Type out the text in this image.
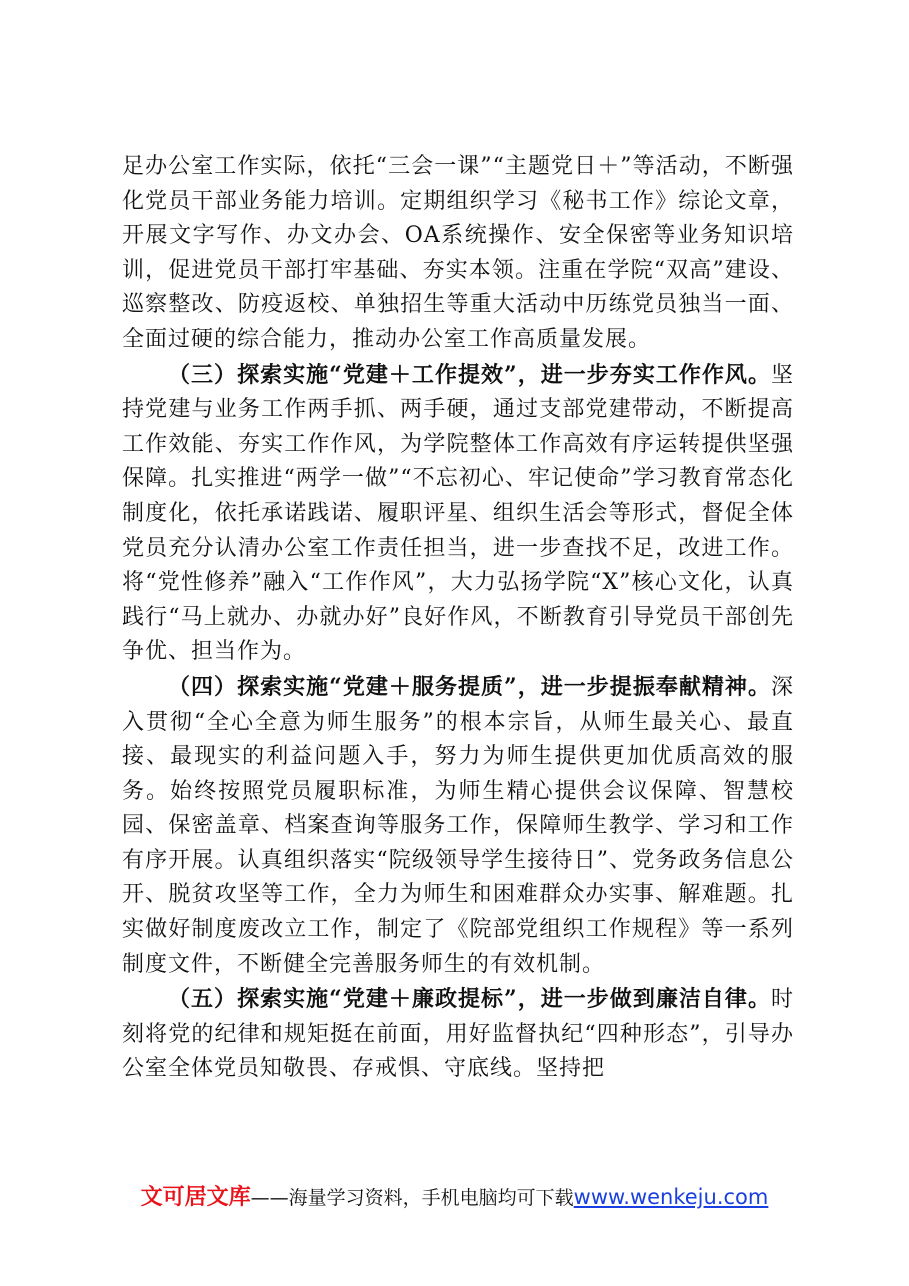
足办公室工作实际，依托“三会一课”“主题党日＋”等活动，不断强化党员干部业务能力培训。定期组织学习《秘书工作》综论文章，开展文字写作、办文办会、OA系统操作、安全保密等业务知识培训，促进党员干部打牢基础、夯实本领。注重在学院“双高”建设、巡察整改、防疫返校、单独招生等重大活动中历练党员独当一面、全面过硬的综合能力，推动办公室工作高质量发展。

（三）探索实施“党建＋工作提效”，进一步夯实工作作风。坚持党建与业务工作两手抓、两手硬，通过支部党建带动，不断提高工作效能、夯实工作作风，为学院整体工作高效有序运转提供坚强保障。扎实推进“两学一做”“不忘初心、牢记使命”学习教育常态化制度化，依托承诺践诺、履职评星、组织生活会等形式，督促全体党员充分认清办公室工作责任担当，进一步查找不足，改进工作。将“党性修养”融入“工作作风”，大力弘扬学院“X”核心文化，认真践行“马上就办、办就办好”良好作风，不断教育引导党员干部创先争优、担当作为。

（四）探索实施“党建＋服务提质”，进一步提振奉献精神。深入贯彻“全心全意为师生服务”的根本宗旨，从师生最关心、最直接、最现实的利益问题入手，努力为师生提供更加优质高效的服务。始终按照党员履职标准，为师生精心提供会议保障、智慧校园、保密盖章、档案查询等服务工作，保障师生教学、学习和工作有序开展。认真组织落实“院级领导学生接待日”、党务政务信息公开、脱贫攻坚等工作，全力为师生和困难群众办实事、解难题。扎实做好制度废改立工作，制定了《院部党组织工作规程》等一系列制度文件，不断健全完善服务师生的有效机制。

（五）探索实施“党建＋廉政提标”，进一步做到廉洁自律。时刻将党的纪律和规矩挺在前面，用好监督执纪“四种形态”，引导办公室全体党员知敬畏、存戒惧、守底线。坚持把

文可居文库——海量学习资料，手机电脑均可下载www.wenkeju.com
